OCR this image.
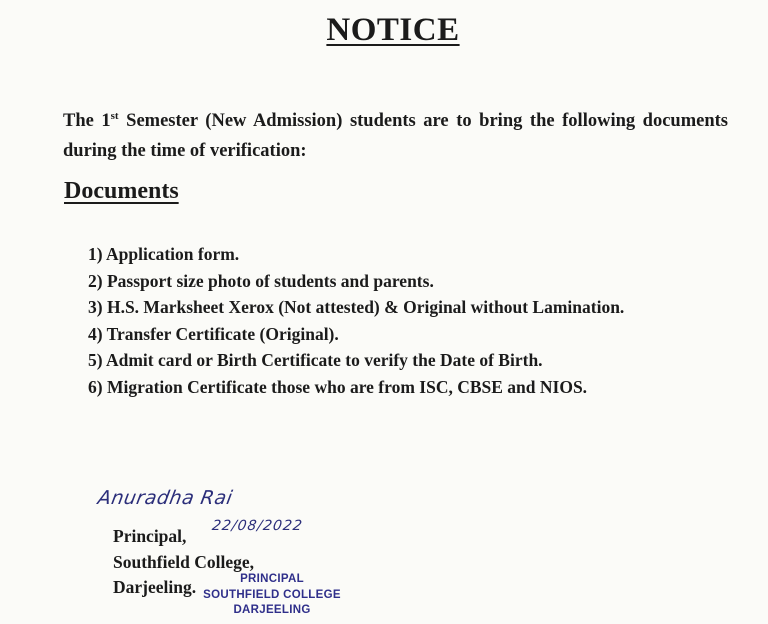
NOTICE
The 1st Semester (New Admission) students are to bring the following documents during the time of verification:
Documents
1) Application form.
2) Passport size photo of students and parents.
3) H.S. Marksheet Xerox (Not attested) & Original without Lamination.
4) Transfer Certificate (Original).
5) Admit card or Birth Certificate to verify the Date of Birth.
6) Migration Certificate those who are from ISC, CBSE and NIOS.
Anuradha Rai
22/08/2022
Principal,
Southfield College,
Darjeeling.	PRINCIPAL
SOUTHFIELD COLLEGE
DARJEELING
